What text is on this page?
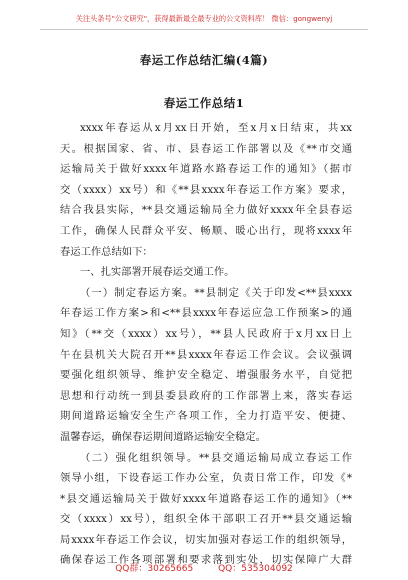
关注头条号"公文研究"，获得最新最全最专业的公文资料库！ 微信：gongwenyj
春运工作总结汇编(4篇)
春运工作总结1
xxxx年春运从x月xx日开始，至x月x日结束，共xx
天。根据国家、省、市、县春运工作部署以及《**市交通
运输局关于做好xxxx年道路水路春运工作的通知》（据市
交（xxxx）xx号）和《**县xxxx年春运工作方案》要求，
结合我县实际，**县交通运输局全力做好xxxx年全县春运
工作，确保人民群众平安、畅顺、暖心出行，现将xxxx年
春运工作总结如下：
一、扎实部署开展春运交通工作。
（一）制定春运方案。**县制定《关于印发<**县xxxx
年春运工作方案>和<**县xxxx年春运应急工作预案>的通
知》（**交（xxxx）xx号），**县人民政府于x月xx日上
午在县机关大院召开**县xxxx年春运工作会议。会议强调
要强化组织领导、维护安全稳定、增强服务水平，自觉把
思想和行动统一到县委县政府的工作部署上来，落实春运
期间道路运输安全生产各项工作，全力打造平安、便捷、
温馨春运，确保春运期间道路运输安全稳定。
（二）强化组织领导。**县交通运输局成立春运工作
领导小组，下设春运工作办公室，负责日常工作，印发《*
*县交通运输局关于做好xxxx年道路春运工作的通知》（**
交（xxxx）xx号），组织全体干部职工召开**县交通运输
局xxxx年春运工作会议，切实加强对春运工作的组织领导，
确保春运工作各项部署和要求落到实处，切实保障广大群
QQ群：30265665	QQ：535304092
